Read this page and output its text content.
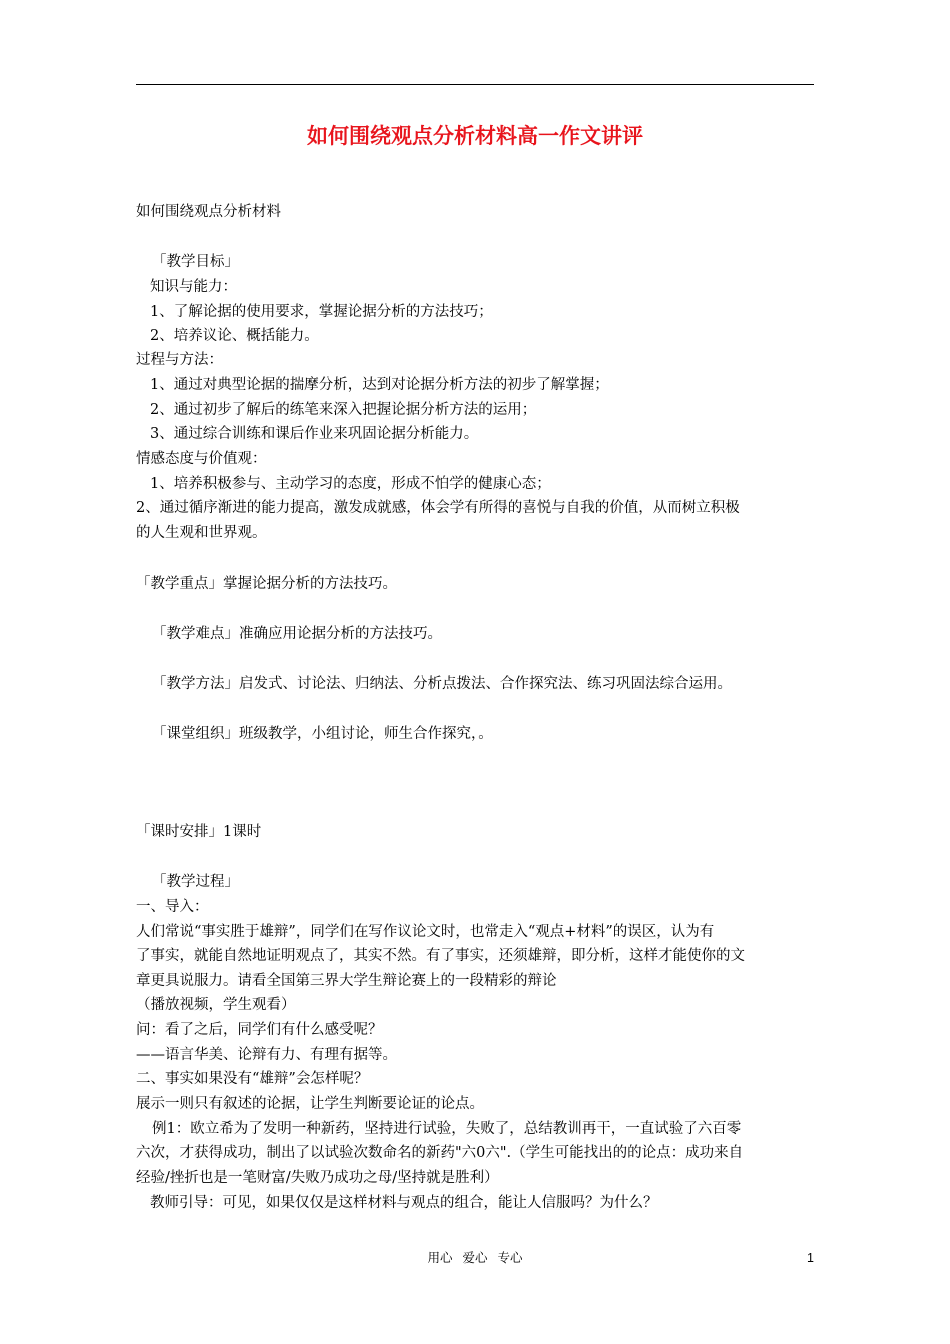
如何围绕观点分析材料高一作文讲评
如何围绕观点分析材料
「教学目标」
知识与能力：
1、了解论据的使用要求，掌握论据分析的方法技巧；
2、培养议论、概括能力。
过程与方法：
1、通过对典型论据的揣摩分析，达到对论据分析方法的初步了解掌握；
2、通过初步了解后的练笔来深入把握论据分析方法的运用；
3、通过综合训练和课后作业来巩固论据分析能力。
情感态度与价值观：
1、培养积极参与、主动学习的态度，形成不怕学的健康心态；
2、通过循序渐进的能力提高，激发成就感，体会学有所得的喜悦与自我的价值，从而树立积极
的人生观和世界观。
「教学重点」掌握论据分析的方法技巧。
「教学难点」准确应用论据分析的方法技巧。
「教学方法」启发式、讨论法、归纳法、分析点拨法、合作探究法、练习巩固法综合运用。
「课堂组织」班级教学，小组讨论，师生合作探究，。
「课时安排」1课时
「教学过程」
一、导入：
人们常说“事实胜于雄辩”，同学们在写作议论文时，也常走入“观点+材料”的误区，认为有
了事实，就能自然地证明观点了，其实不然。有了事实，还须雄辩，即分析，这样才能使你的文
章更具说服力。请看全国第三界大学生辩论赛上的一段精彩的辩论
（播放视频，学生观看）
问：看了之后，同学们有什么感受呢？
——语言华美、论辩有力、有理有据等。
二、事实如果没有“雄辩”会怎样呢？
展示一则只有叙述的论据，让学生判断要论证的论点。
例1：欧立希为了发明一种新药，坚持进行试验，失败了，总结教训再干，一直试验了六百零
六次，才获得成功，制出了以试验次数命名的新药"六0六".（学生可能找出的的论点：成功来自
经验/挫折也是一笔财富/失败乃成功之母/坚持就是胜利）
教师引导：可见，如果仅仅是这样材料与观点的组合，能让人信服吗？为什么？
用心 爱心 专心	1
